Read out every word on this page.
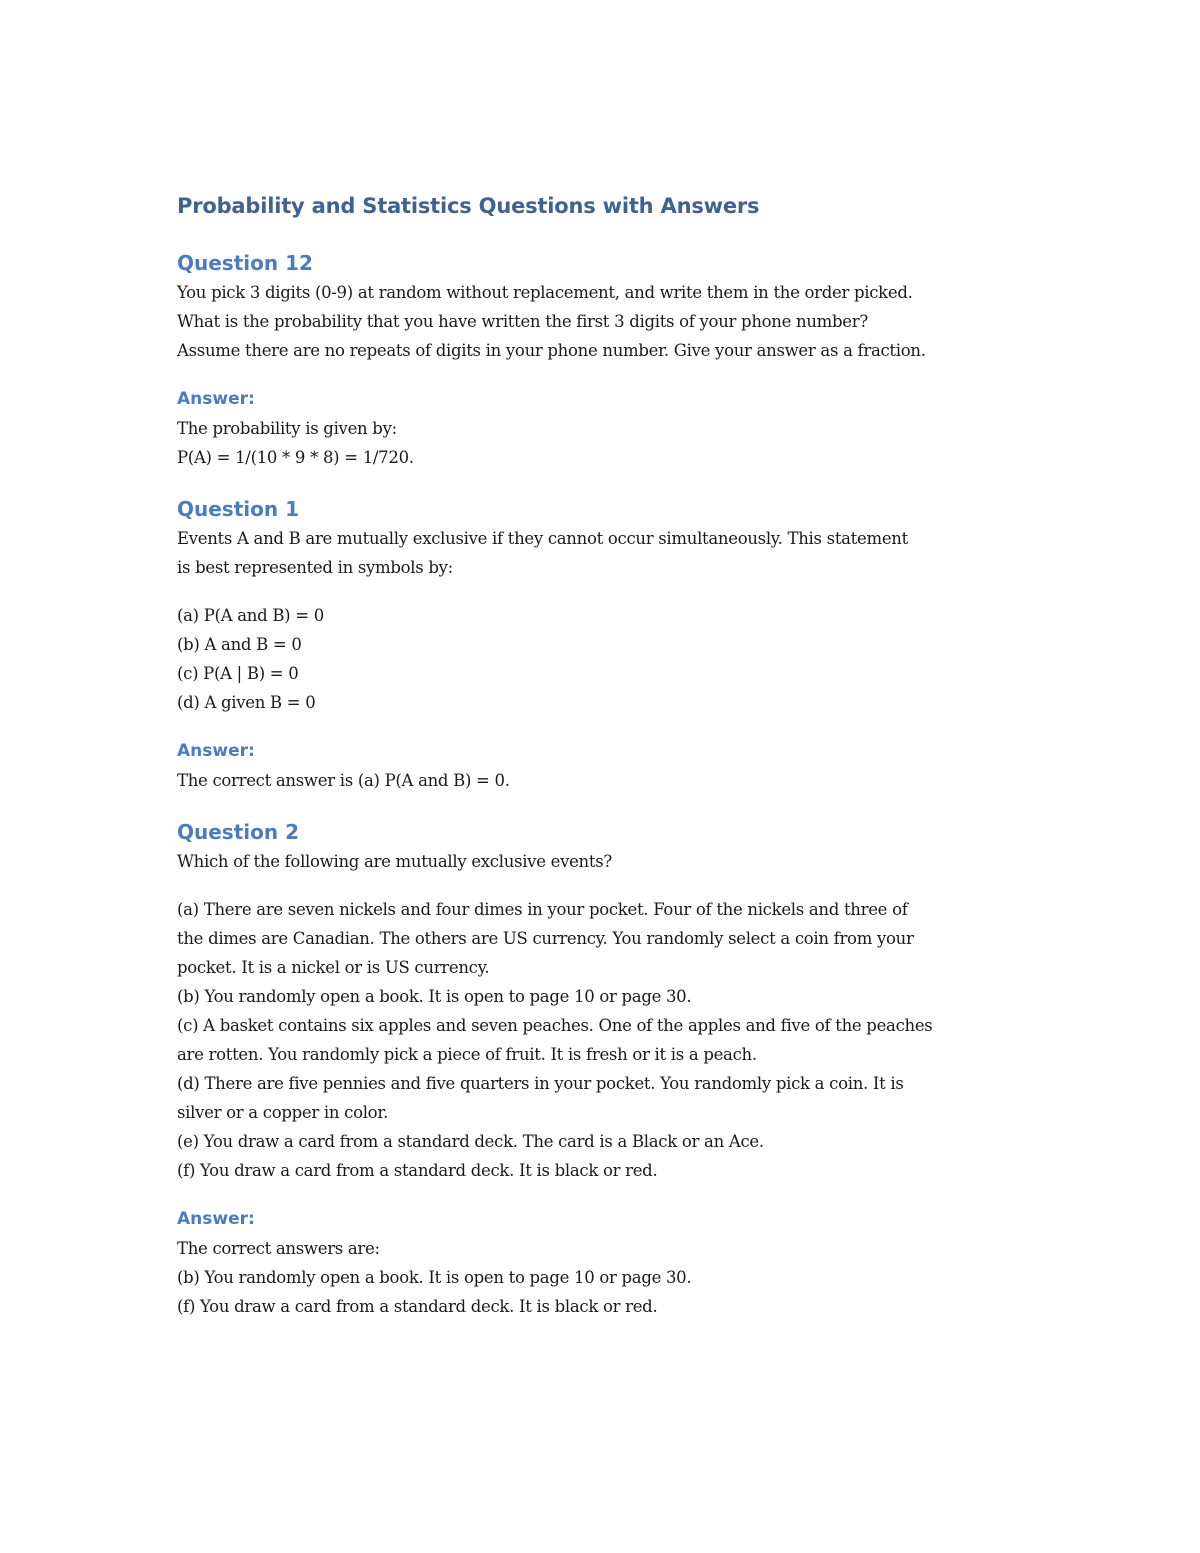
Probability and Statistics Questions with Answers
Question 12

You pick 3 digits (0-9) at random without replacement, and write them in the order picked.
What is the probability that you have written the first 3 digits of your phone number?
Assume there are no repeats of digits in your phone number. Give your answer as a fraction.

Answer:

The probability is given by:
P(A) = 1/(10 * 9 * 8) = 1/720.

Question 1

Events A and B are mutually exclusive if they cannot occur simultaneously. This statement
is best represented in symbols by:

(a) P(A and B) = 0
(b) A and B = 0
(c) P(A | B) = 0
(d) A given B = 0

Answer:

The correct answer is (a) P(A and B) = 0.

Question 2

Which of the following are mutually exclusive events?

(a) There are seven nickels and four dimes in your pocket. Four of the nickels and three of
the dimes are Canadian. The others are US currency. You randomly select a coin from your
pocket. It is a nickel or is US currency.
(b) You randomly open a book. It is open to page 10 or page 30.
(c) A basket contains six apples and seven peaches. One of the apples and five of the peaches
are rotten. You randomly pick a piece of fruit. It is fresh or it is a peach.
(d) There are five pennies and five quarters in your pocket. You randomly pick a coin. It is
silver or a copper in color.
(e) You draw a card from a standard deck. The card is a Black or an Ace.
(f) You draw a card from a standard deck. It is black or red.

Answer:

The correct answers are:
(b) You randomly open a book. It is open to page 10 or page 30.
(f) You draw a card from a standard deck. It is black or red.
